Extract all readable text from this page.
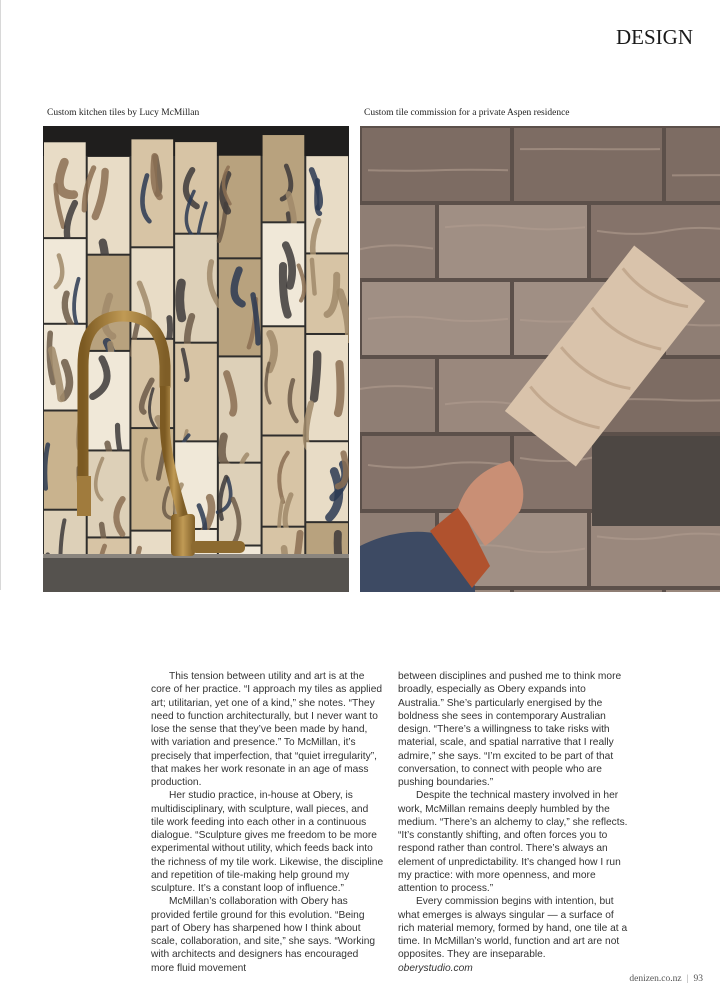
DESIGN
Custom kitchen tiles by Lucy McMillan	Custom tile commission for a private Aspen residence

This tension between utility and art is at the core of her practice. “I approach my tiles as applied art; utilitarian, yet one of a kind,” she notes. “They need to function architecturally, but I never want to lose the sense that they’ve been made by hand, with variation and presence.” To McMillan, it’s precisely that imperfection, that “quiet irregularity”, that makes her work resonate in an age of mass production.

Her studio practice, in-house at Obery, is multidisciplinary, with sculpture, wall pieces, and tile work feeding into each other in a continuous dialogue. “Sculpture gives me freedom to be more experimental without utility, which feeds back into the richness of my tile work. Likewise, the discipline and repetition of tile-making help ground my sculpture. It’s a constant loop of influence.”

McMillan’s collaboration with Obery has provided fertile ground for this evolution. “Being part of Obery has sharpened how I think about scale, collaboration, and site,” she says. “Working with architects and designers has encouraged more fluid movement

between disciplines and pushed me to think more broadly, especially as Obery expands into Australia.” She’s particularly energised by the boldness she sees in contemporary Australian design. “There’s a willingness to take risks with material, scale, and spatial narrative that I really admire,” she says. “I’m excited to be part of that conversation, to connect with people who are pushing boundaries.”

Despite the technical mastery involved in her work, McMillan remains deeply humbled by the medium. “There’s an alchemy to clay,” she reflects. “It’s constantly shifting, and often forces you to respond rather than control. There’s always an element of unpredictability. It’s changed how I run my practice: with more openness, and more attention to process.”

Every commission begins with intention, but what emerges is always singular — a surface of rich material memory, formed by hand, one tile at a time. In McMillan’s world, function and art are not opposites. They are inseparable.

oberystudio.com

denizen.co.nz | 93
